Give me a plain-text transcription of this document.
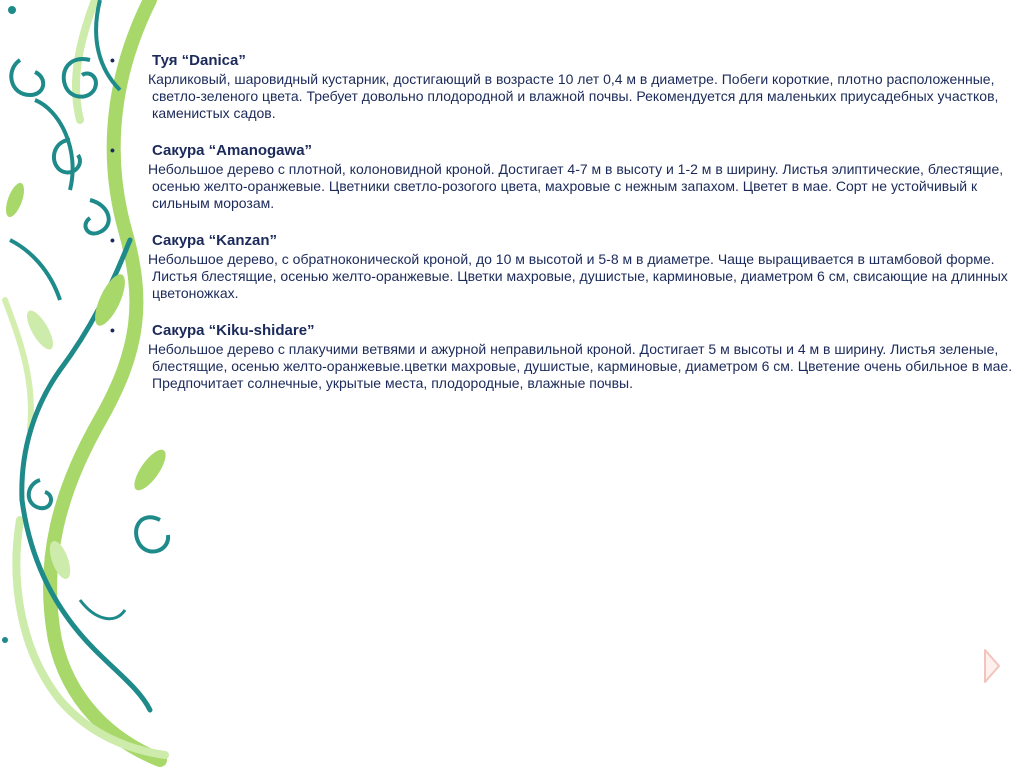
•	Туя “Danica”
Карликовый, шаровидный кустарник, достигающий в возрасте 10 лет 0,4 м в диаметре. Побеги короткие, плотно расположенные, светло-зеленого цвета. Требует довольно плодородной и влажной почвы. Рекомендуется для маленьких приусадебных участков, каменистых садов.
•	Сакура “Amanogawa”
Небольшое дерево с плотной, колоновидной кроной. Достигает 4-7 м в высоту и 1-2 м в ширину. Листья элиптические, блестящие, осенью желто-оранжевые. Цветники светло-розогого цвета, махровые с нежным запахом. Цветет в мае. Сорт не устойчивый к сильным морозам.
•	Сакура “Kanzan”
Небольшое дерево, с обратноконической кроной, до 10 м высотой и 5-8 м в диаметре. Чаще выращивается в штамбовой форме. Листья блестящие, осенью желто-оранжевые. Цветки махровые, душистые, карминовые, диаметром 6 см, свисающие на длинных цветоножках.
•	Сакура “Kiku-shidare”
Небольшое дерево с плакучими ветвями и ажурной неправильной кроной. Достигает 5 м высоты и 4 м в ширину. Листья зеленые, блестящие, осенью желто-оранжевые.цветки махровые, душистые, карминовые, диаметром 6 см. Цветение очень обильное в мае. Предпочитает солнечные, укрытые места, плодородные, влажные почвы.
